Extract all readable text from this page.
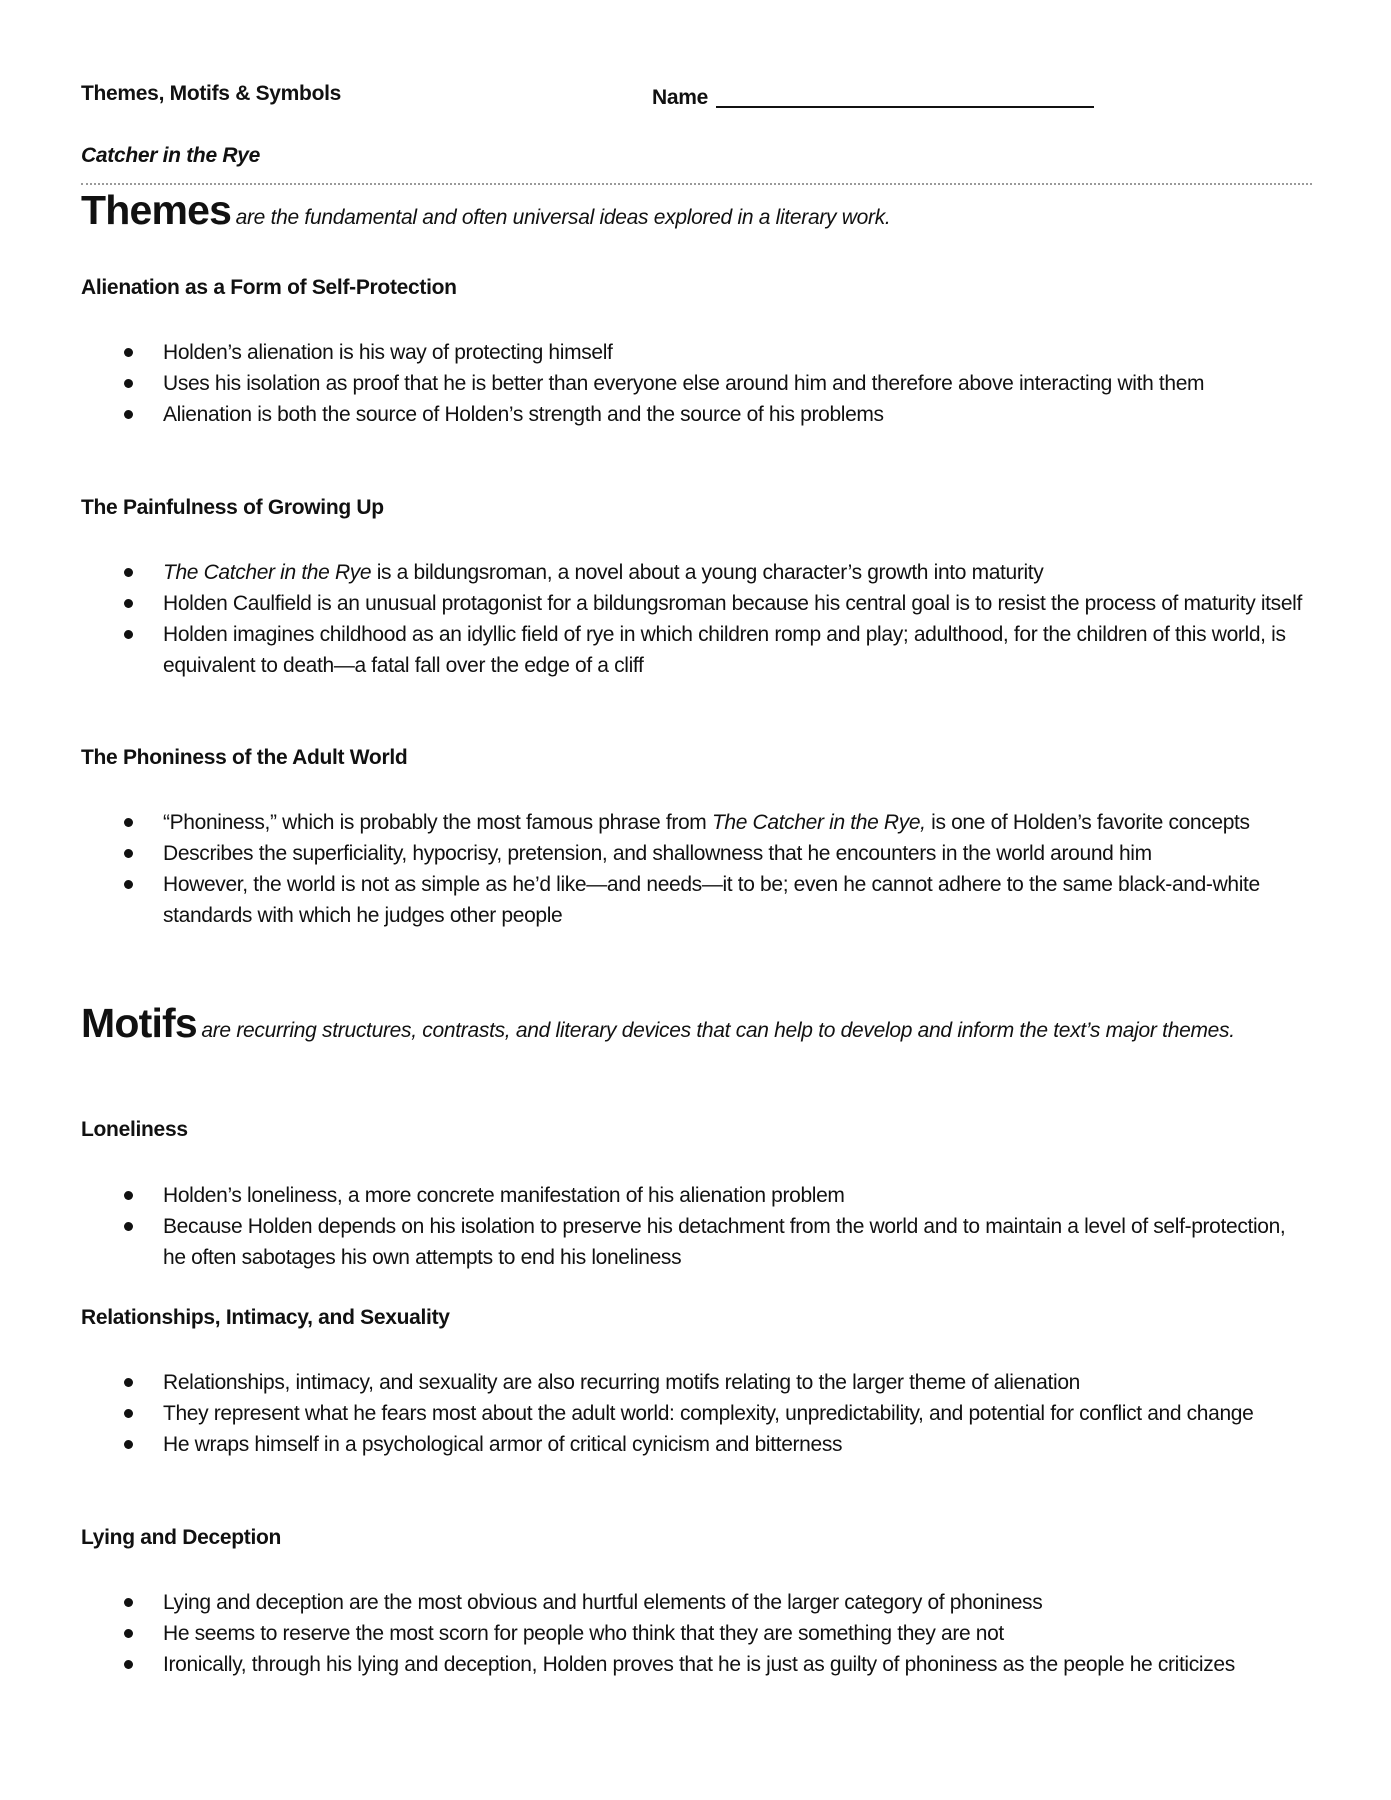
Themes, Motifs & Symbols	Name
Catcher in the Rye
Themes are the fundamental and often universal ideas explored in a literary work.
Alienation as a Form of Self-Protection
Holden’s alienation is his way of protecting himself
Uses his isolation as proof that he is better than everyone else around him and therefore above interacting with them
Alienation is both the source of Holden’s strength and the source of his problems
The Painfulness of Growing Up
The Catcher in the Rye is a bildungsroman, a novel about a young character’s growth into maturity
Holden Caulfield is an unusual protagonist for a bildungsroman because his central goal is to resist the process of maturity itself
Holden imagines childhood as an idyllic field of rye in which children romp and play; adulthood, for the children of this world, is equivalent to death—a fatal fall over the edge of a cliff
The Phoniness of the Adult World
“Phoniness,” which is probably the most famous phrase from The Catcher in the Rye, is one of Holden’s favorite concepts
Describes the superficiality, hypocrisy, pretension, and shallowness that he encounters in the world around him
However, the world is not as simple as he’d like—and needs—it to be; even he cannot adhere to the same black-and-white standards with which he judges other people
Motifs are recurring structures, contrasts, and literary devices that can help to develop and inform the text’s major themes.
Loneliness
Holden’s loneliness, a more concrete manifestation of his alienation problem
Because Holden depends on his isolation to preserve his detachment from the world and to maintain a level of self-protection, he often sabotages his own attempts to end his loneliness
Relationships, Intimacy, and Sexuality
Relationships, intimacy, and sexuality are also recurring motifs relating to the larger theme of alienation
They represent what he fears most about the adult world: complexity, unpredictability, and potential for conflict and change
He wraps himself in a psychological armor of critical cynicism and bitterness
Lying and Deception
Lying and deception are the most obvious and hurtful elements of the larger category of phoniness
He seems to reserve the most scorn for people who think that they are something they are not
Ironically, through his lying and deception, Holden proves that he is just as guilty of phoniness as the people he criticizes
